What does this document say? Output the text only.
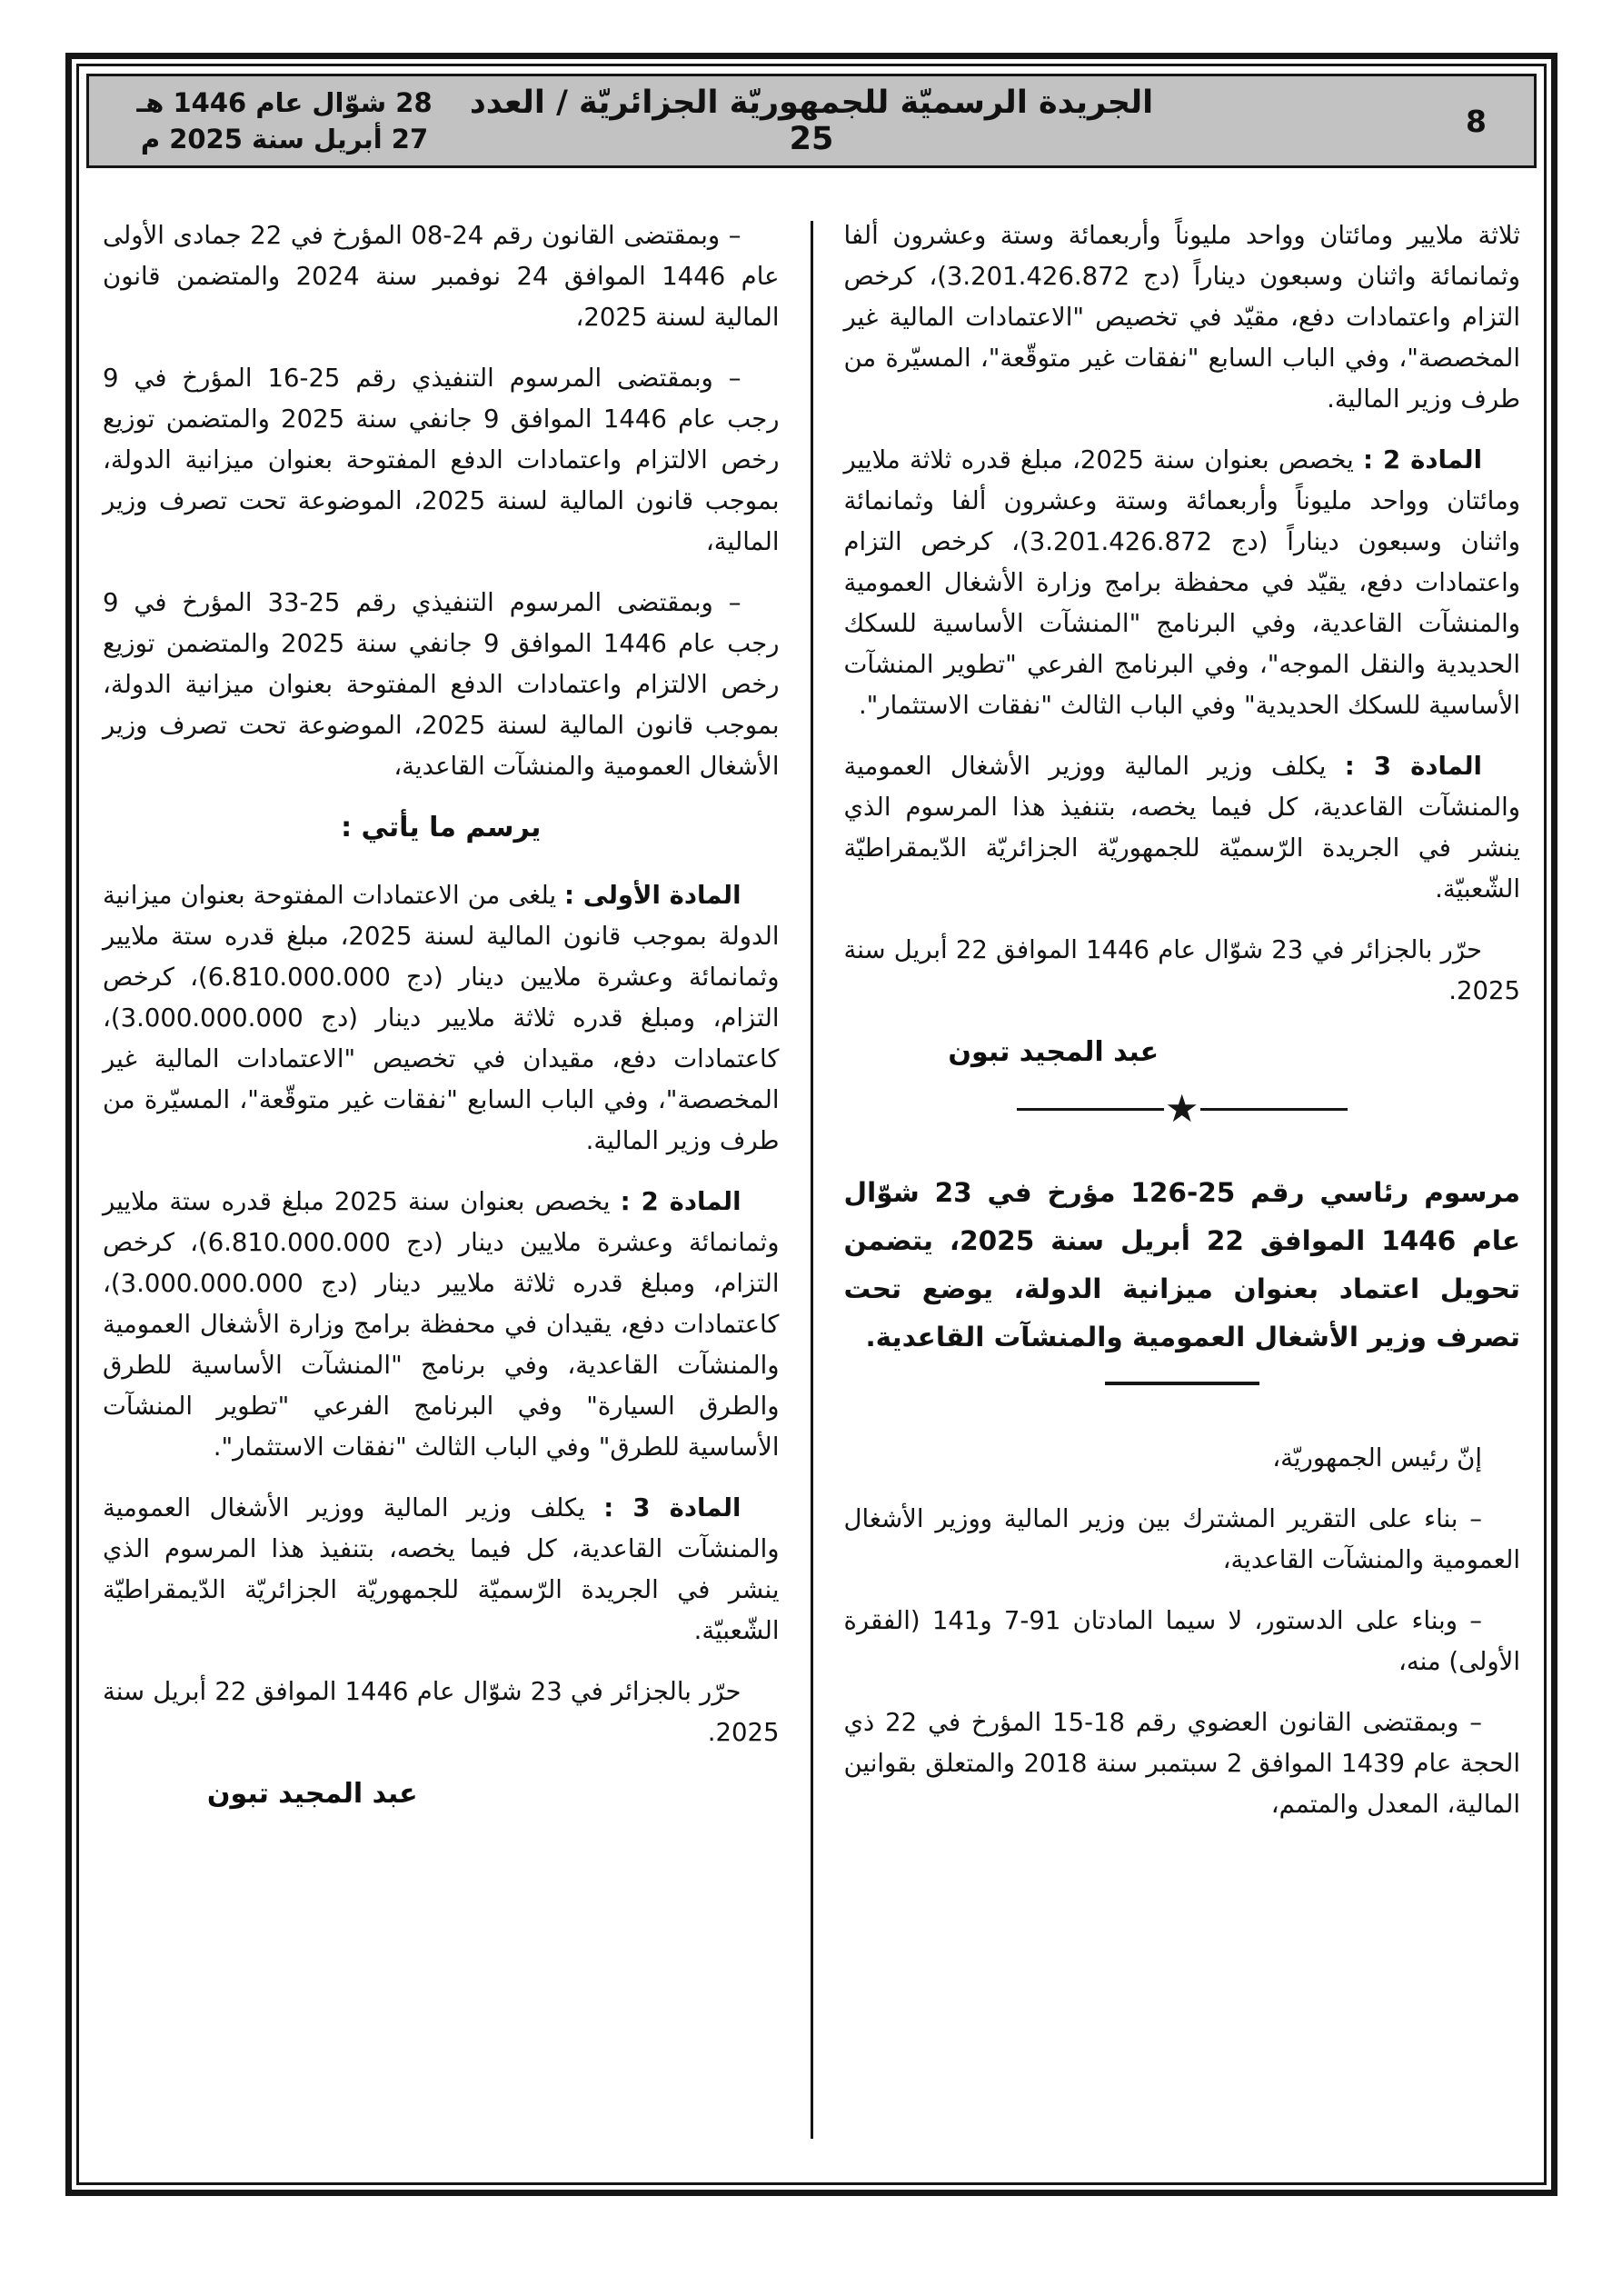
28 شوّال عام 1446 هـ
27 أبريل سنة 2025 م
الجريدة الرسميّة للجمهوريّة الجزائريّة / العدد 25	8

ثلاثة ملايير ومائتان وواحد مليوناً وأربعمائة وستة وعشرون ألفا وثمانمائة واثنان وسبعون ديناراً ‪(3.201.426.872 دج)‬، كرخص التزام واعتمادات دفع، مقيّد في تخصيص "الاعتمادات المالية غير المخصصة"، وفي الباب السابع "نفقات غير متوقّعة"، المسيّرة من طرف وزير المالية.

المادة 2 : يخصص بعنوان سنة 2025، مبلغ قدره ثلاثة ملايير ومائتان وواحد مليوناً وأربعمائة وستة وعشرون ألفا وثمانمائة واثنان وسبعون ديناراً ‪(3.201.426.872 دج)‬، كرخص التزام واعتمادات دفع، يقيّد في محفظة برامج وزارة الأشغال العمومية والمنشآت القاعدية، وفي البرنامج "المنشآت الأساسية للسكك الحديدية والنقل الموجه"، وفي البرنامج الفرعي "تطوير المنشآت الأساسية للسكك الحديدية" وفي الباب الثالث "نفقات الاستثمار".

المادة 3 : يكلف وزير المالية ووزير الأشغال العمومية والمنشآت القاعدية، كل فيما يخصه، بتنفيذ هذا المرسوم الذي ينشر في الجريدة الرّسميّة للجمهوريّة الجزائريّة الدّيمقراطيّة الشّعبيّة.

حرّر بالجزائر في 23 شوّال عام 1446 الموافق 22 أبريل سنة 2025.

عبد المجيد تبون
★

مرسوم رئاسي رقم 25‏-‏126 مؤرخ في 23 شوّال عام 1446 الموافق 22 أبريل سنة 2025، يتضمن تحويل اعتماد بعنوان ميزانية الدولة، يوضع تحت تصرف وزير الأشغال العمومية والمنشآت القاعدية.

إنّ رئيس الجمهوريّة،

– بناء على التقرير المشترك بين وزير المالية ووزير الأشغال العمومية والمنشآت القاعدية،

– وبناء على الدستور، لا سيما المادتان 91‏-‏7 و141 (الفقرة الأولى) منه،

– وبمقتضى القانون العضوي رقم 18‏-‏15 المؤرخ في 22 ذي الحجة عام 1439 الموافق 2 سبتمبر سنة 2018 والمتعلق بقوانين المالية، المعدل والمتمم،

– وبمقتضى القانون رقم 24‏-‏08 المؤرخ في 22 جمادى الأولى عام 1446 الموافق 24 نوفمبر سنة 2024 والمتضمن قانون المالية لسنة 2025،

– وبمقتضى المرسوم التنفيذي رقم 25‏-‏16 المؤرخ في 9 رجب عام 1446 الموافق 9 جانفي سنة 2025 والمتضمن توزيع رخص الالتزام واعتمادات الدفع المفتوحة بعنوان ميزانية الدولة، بموجب قانون المالية لسنة 2025، الموضوعة تحت تصرف وزير المالية،

– وبمقتضى المرسوم التنفيذي رقم 25‏-‏33 المؤرخ في 9 رجب عام 1446 الموافق 9 جانفي سنة 2025 والمتضمن توزيع رخص الالتزام واعتمادات الدفع المفتوحة بعنوان ميزانية الدولة، بموجب قانون المالية لسنة 2025، الموضوعة تحت تصرف وزير الأشغال العمومية والمنشآت القاعدية،

يرسم ما يأتي :

المادة الأولى : يلغى من الاعتمادات المفتوحة بعنوان ميزانية الدولة بموجب قانون المالية لسنة 2025، مبلغ قدره ستة ملايير وثمانمائة وعشرة ملايين دينار ‪(6.810.000.000 دج)‬، كرخص التزام، ومبلغ قدره ثلاثة ملايير دينار ‪(3.000.000.000 دج)‬، كاعتمادات دفع، مقيدان في تخصيص "الاعتمادات المالية غير المخصصة"، وفي الباب السابع "نفقات غير متوقّعة"، المسيّرة من طرف وزير المالية.

المادة 2 : يخصص بعنوان سنة 2025 مبلغ قدره ستة ملايير وثمانمائة وعشرة ملايين دينار ‪(6.810.000.000 دج)‬، كرخص التزام، ومبلغ قدره ثلاثة ملايير دينار ‪(3.000.000.000 دج)‬، كاعتمادات دفع، يقيدان في محفظة برامج وزارة الأشغال العمومية والمنشآت القاعدية، وفي برنامج "المنشآت الأساسية للطرق والطرق السيارة" وفي البرنامج الفرعي "تطوير المنشآت الأساسية للطرق" وفي الباب الثالث "نفقات الاستثمار".

المادة 3 : يكلف وزير المالية ووزير الأشغال العمومية والمنشآت القاعدية، كل فيما يخصه، بتنفيذ هذا المرسوم الذي ينشر في الجريدة الرّسميّة للجمهوريّة الجزائريّة الدّيمقراطيّة الشّعبيّة.

حرّر بالجزائر في 23 شوّال عام 1446 الموافق 22 أبريل سنة 2025.

عبد المجيد تبون
